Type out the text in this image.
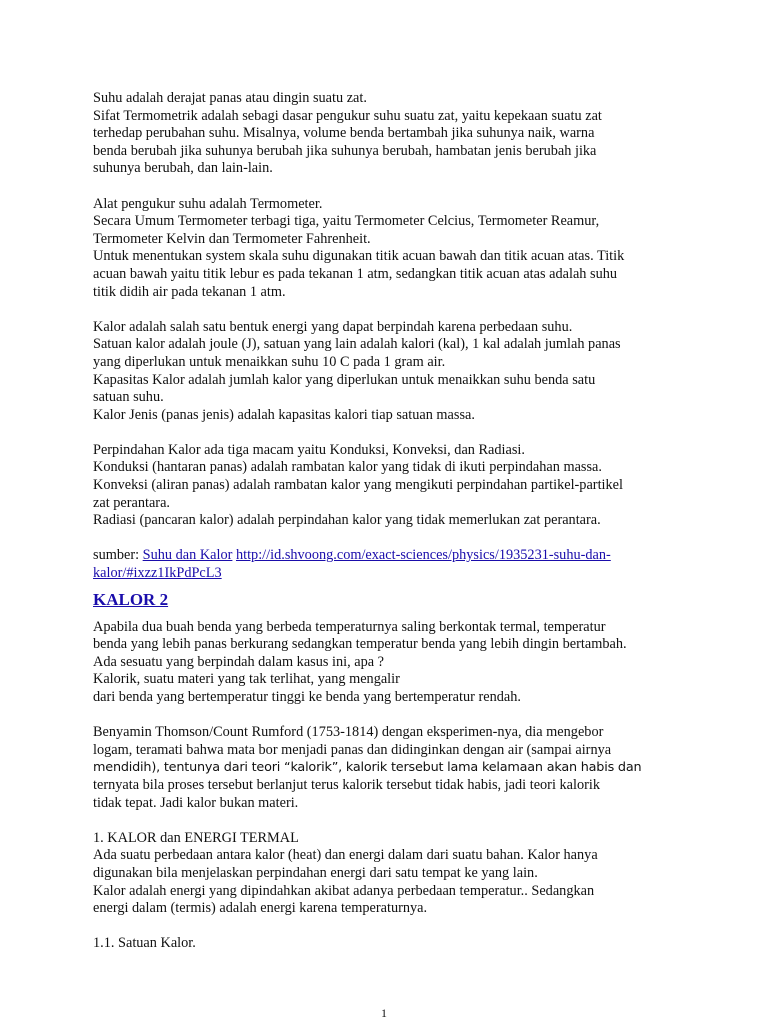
Suhu adalah derajat panas atau dingin suatu zat.
Sifat Termometrik adalah sebagi dasar pengukur suhu suatu zat, yaitu kepekaan suatu zat
terhedap perubahan suhu. Misalnya, volume benda bertambah jika suhunya naik, warna
benda berubah jika suhunya berubah jika suhunya berubah, hambatan jenis berubah jika
suhunya berubah, dan lain-lain.

Alat pengukur suhu adalah Termometer.
Secara Umum Termometer terbagi tiga, yaitu Termometer Celcius, Termometer Reamur,
Termometer Kelvin dan Termometer Fahrenheit.
Untuk menentukan system skala suhu digunakan titik acuan bawah dan titik acuan atas. Titik
acuan bawah yaitu titik lebur es pada tekanan 1 atm, sedangkan titik acuan atas adalah suhu
titik didih air pada tekanan 1 atm.

Kalor adalah salah satu bentuk energi yang dapat berpindah karena perbedaan suhu.
Satuan kalor adalah joule (J), satuan yang lain adalah kalori (kal), 1 kal adalah jumlah panas
yang diperlukan untuk menaikkan suhu 10 C pada 1 gram air.
Kapasitas Kalor adalah jumlah kalor yang diperlukan untuk menaikkan suhu benda satu
satuan suhu.
Kalor Jenis (panas jenis) adalah kapasitas kalori tiap satuan massa.

Perpindahan Kalor ada tiga macam yaitu Konduksi, Konveksi, dan Radiasi.
Konduksi (hantaran panas) adalah rambatan kalor yang tidak di ikuti perpindahan massa.
Konveksi (aliran panas) adalah rambatan kalor yang mengikuti perpindahan partikel-partikel
zat perantara.
Radiasi (pancaran kalor) adalah perpindahan kalor yang tidak memerlukan zat perantara.

sumber: Suhu dan Kalor http://id.shvoong.com/exact-sciences/physics/1935231-suhu-dan-
kalor/#ixzz1IkPdPcL3

KALOR 2

Apabila dua buah benda yang berbeda temperaturnya saling berkontak termal, temperatur
benda yang lebih panas berkurang sedangkan temperatur benda yang lebih dingin bertambah.
Ada sesuatu yang berpindah dalam kasus ini, apa ?
Kalorik, suatu materi yang tak terlihat, yang mengalir
dari benda yang bertemperatur tinggi ke benda yang bertemperatur rendah.

Benyamin Thomson/Count Rumford (1753-1814) dengan eksperimen-nya, dia mengebor
logam, teramati bahwa mata bor menjadi panas dan didinginkan dengan air (sampai airnya
mendidih), tentunya dari teori “kalorik”, kalorik tersebut lama kelamaan akan habis dan
ternyata bila proses tersebut berlanjut terus kalorik tersebut tidak habis, jadi teori kalorik
tidak tepat. Jadi kalor bukan materi.

1. KALOR dan ENERGI TERMAL
Ada suatu perbedaan antara kalor (heat) dan energi dalam dari suatu bahan. Kalor hanya
digunakan bila menjelaskan perpindahan energi dari satu tempat ke yang lain.
Kalor adalah energi yang dipindahkan akibat adanya perbedaan temperatur.. Sedangkan
energi dalam (termis) adalah energi karena temperaturnya.

1.1. Satuan Kalor.

1
